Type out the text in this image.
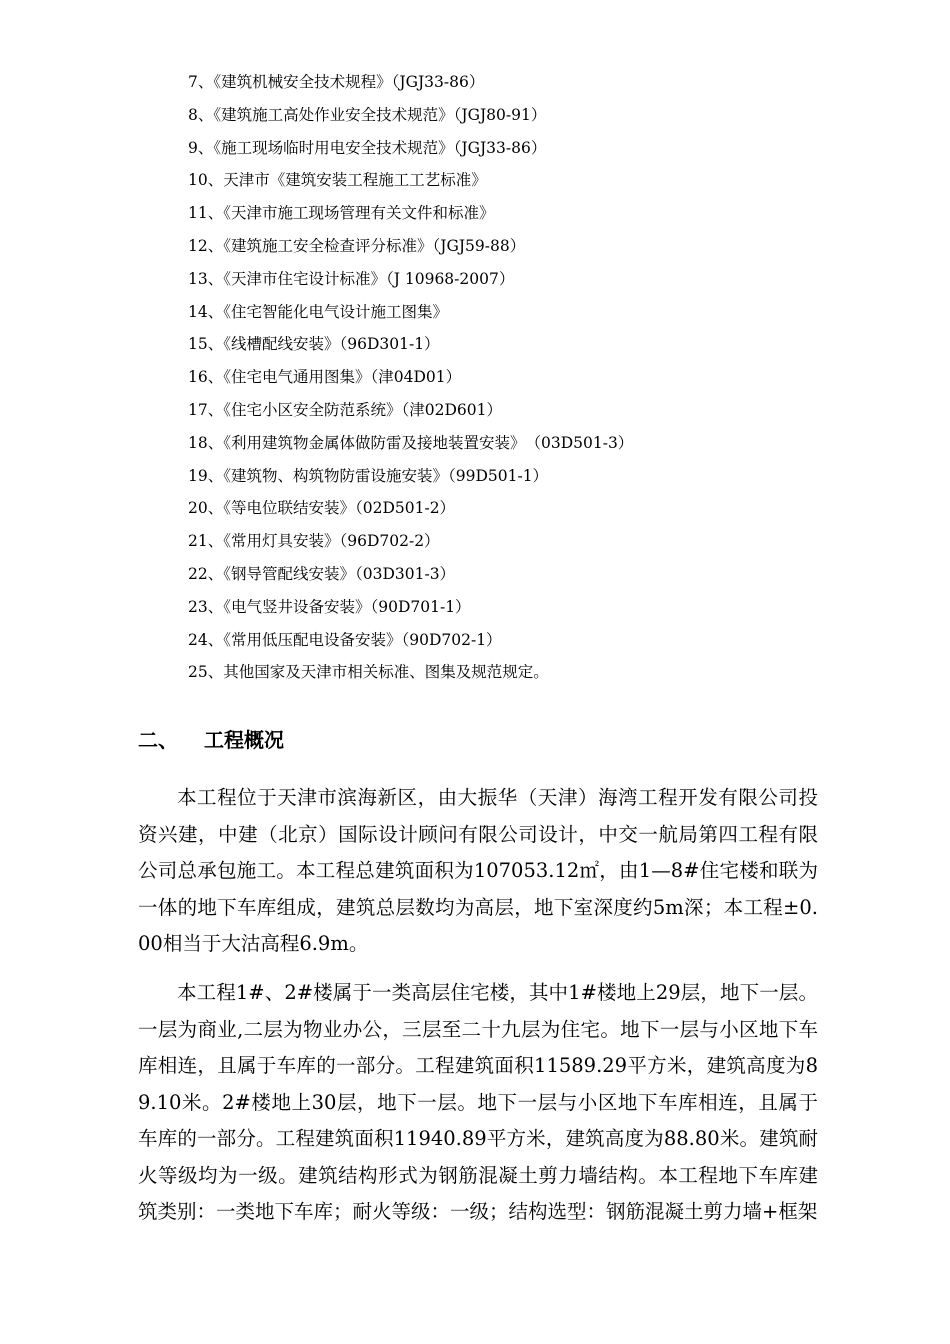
7、《建筑机械安全技术规程》（JGJ33-86）
8、《建筑施工高处作业安全技术规范》（JGJ80-91）
9、《施工现场临时用电安全技术规范》（JGJ33-86）
10、天津市《建筑安装工程施工工艺标准》
11、《天津市施工现场管理有关文件和标准》
12、《建筑施工安全检查评分标准》（JGJ59-88）
13、《天津市住宅设计标准》（J 10968-2007）
14、《住宅智能化电气设计施工图集》
15、《线槽配线安装》（96D301-1）
16、《住宅电气通用图集》（津04D01）
17、《住宅小区安全防范系统》（津02D601）
18、《利用建筑物金属体做防雷及接地装置安装》　（03D501-3）
19、《建筑物、构筑物防雷设施安装》（99D501-1）
20、《等电位联结安装》（02D501-2）
21、《常用灯具安装》（96D702-2）
22、《钢导管配线安装》（03D301-3）
23、《电气竖井设备安装》（90D701-1）
24、《常用低压配电设备安装》（90D702-1）
25、其他国家及天津市相关标准、图集及规范规定。
二、 工程概况

本工程位于天津市滨海新区，由大振华（天津）海湾工程开发有限公司投资兴建，中建（北京）国际设计顾问有限公司设计，中交一航局第四工程有限公司总承包施工。本工程总建筑面积为107053.12㎡，由1—8#住宅楼和联为一体的地下车库组成，建筑总层数均为高层，地下室深度约5m深；本工程±0.00相当于大沽高程6.9m。

本工程1#、2#楼属于一类高层住宅楼，其中1#楼地上29层，地下一层。一层为商业,二层为物业办公，三层至二十九层为住宅。地下一层与小区地下车库相连，且属于车库的一部分。工程建筑面积11589.29平方米，建筑高度为89.10米。2#楼地上30层，地下一层。地下一层与小区地下车库相连，且属于车库的一部分。工程建筑面积11940.89平方米，建筑高度为88.80米。建筑耐火等级均为一级。建筑结构形式为钢筋混凝土剪力墙结构。本工程地下车库建筑类别：一类地下车库；耐火等级：一级；结构选型：钢筋混凝土剪力墙+框架
